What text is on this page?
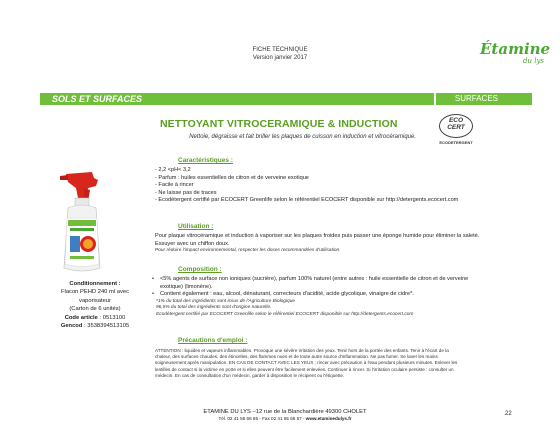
FICHE TECHNIQUE
Version janvier 2017	Étamine
du lys
SOLS ET SURFACES	SURFACES
NETTOYANT VITROCERAMIQUE & INDUCTION
Nettoie, dégraisse et fait briller les plaques de cuisson en induction et vitrocéramique.
ECO
CERT
ECODETERGENT
Conditionnement :
Flacon PEHD 240 ml avec
vaporisateur
(Carton de 6 unités)
Code article : 0513100
Gencod : 3538394513105
Caractéristiques :
- 2,2 <pH< 3,2
- Parfum : huiles essentielles de citron et de verveine exotique
- Facile à rincer
- Ne laisse pas de traces
- Ecodétergent certifié par ECOCERT Greenlife selon le référentiel ECOCERT disponible sur http://detergents.ecocert.com
Utilisation :
Pour plaque vitrocéramique et induction à vaporiser sur les plaques froides puis passer une éponge humide pour éliminer la saleté.
Essuyer avec un chiffon doux.
Pour réduire l'impact environnemental, respecter les doses recommandées d'utilisation.
Composition :
• <5% agents de surface non ioniques (sucrière), parfum 100% naturel (entre autres : huile essentielle de citron et de verveine
exotique) (limonène).
• Contient également : eau, alcool, dénaturant, correcteurs d'acidité, acide glycolique, vinaigre de cidre*.
*1% du total des ingrédients sont issus de l'Agriculture Biologique
96,5% du total des ingrédients sont d'origine naturelle.
Ecodétergent certifié par ECOCERT Greenlife selon le référentiel ECOCERT disponible sur http://detergents.ecocert.com
Précautions d'emploi :
ATTENTION : liquides et vapeurs inflammables. Provoque une sévère irritation des yeux. Tenir hors de la portée des enfants. Tenir à l'écart de la
chaleur, des surfaces chaudes, des étincelles, des flammes nues et de toute autre source d'inflammation. Ne pas fumer. Se laver les mains
soigneusement après manipulation. EN CAS DE CONTACT AVEC LES YEUX : rincer avec précaution à l'eau pendant plusieurs minutes. Enlever les
lentilles de contact si la victime en porte et si elles peuvent être facilement enlevées. Continuer à rincer. Si l'irritation oculaire persiste : consulter un
médecin. En cas de consultation d'un médecin, garder à disposition le récipient ou l'étiquette.
ETAMINE DU LYS –12 rue de la Blanchardière 49300 CHOLET
Tél. 02 41 55 66 65 - Fax 02 41 55 66 57 - www.etaminedulys.fr
22
